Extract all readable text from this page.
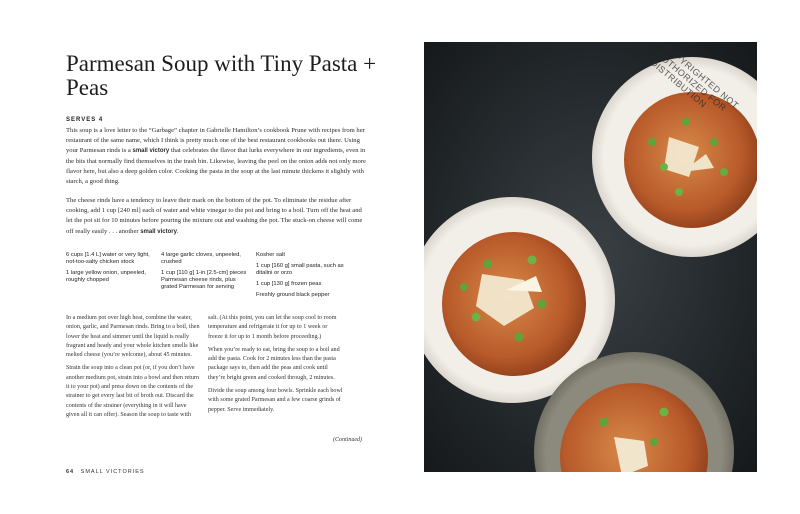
Parmesan Soup with Tiny Pasta + Peas
SERVES 4

This soup is a love letter to the “Garbage” chapter in Gabrielle Hamilton’s cookbook Prune with recipes from her restaurant of the same name, which I think is pretty much one of the best restaurant cookbooks out there. Using your Parmesan rinds is a small victory that celebrates the flavor that lurks everywhere in our ingredients, even in the bits that normally find themselves in the trash bin. Likewise, leaving the peel on the onion adds not only more flavor here, but also a deep golden color. Cooking the pasta in the soup at the last minute thickens it slightly with starch, a good thing.

The cheese rinds have a tendency to leave their mark on the bottom of the pot. To eliminate the residue after cooking, add 1 cup [240 ml] each of water and white vinegar to the pot and bring to a boil. Turn off the heat and let the pot sit for 10 minutes before pouring the mixture out and washing the pot. The stuck-on cheese will come off really easily . . . another small victory.

6 cups [1.4 L] water or very light, not-too-salty chicken stock
1 large yellow onion, unpeeled, roughly chopped
4 large garlic cloves, unpeeled, crushed
1 cup [110 g] 1-in [2.5-cm] pieces Parmesan cheese rinds, plus grated Parmesan for serving
Kosher salt
1 cup [160 g] small pasta, such as ditalini or orzo
1 cup [130 g] frozen peas
Freshly ground black pepper

In a medium pot over high heat, combine the water, onion, garlic, and Parmesan rinds. Bring to a boil, then lower the heat and simmer until the liquid is really fragrant and heady and your whole kitchen smells like melted cheese (you’re welcome), about 45 minutes.

Strain the soup into a clean pot (or, if you don’t have another medium pot, strain into a bowl and then return it to your pot) and press down on the contents of the strainer to get every last bit of broth out. Discard the contents of the strainer (everything in it will have given all it can offer). Season the soup to taste with

salt. (At this point, you can let the soup cool to room temperature and refrigerate it for up to 1 week or freeze it for up to 1 month before proceeding.)

When you’re ready to eat, bring the soup to a boil and add the pasta. Cook for 2 minutes less than the pasta package says to, then add the peas and cook until they’re bright green and cooked through, 2 minutes.

Divide the soup among four bowls. Sprinkle each bowl with some grated Parmesan and a few coarse grinds of pepper. Serve immediately.

(Continued)
64 SMALL VICTORIES
COPYRIGHTED NOT AUTHORIZED FOR DISTRIBUTION
